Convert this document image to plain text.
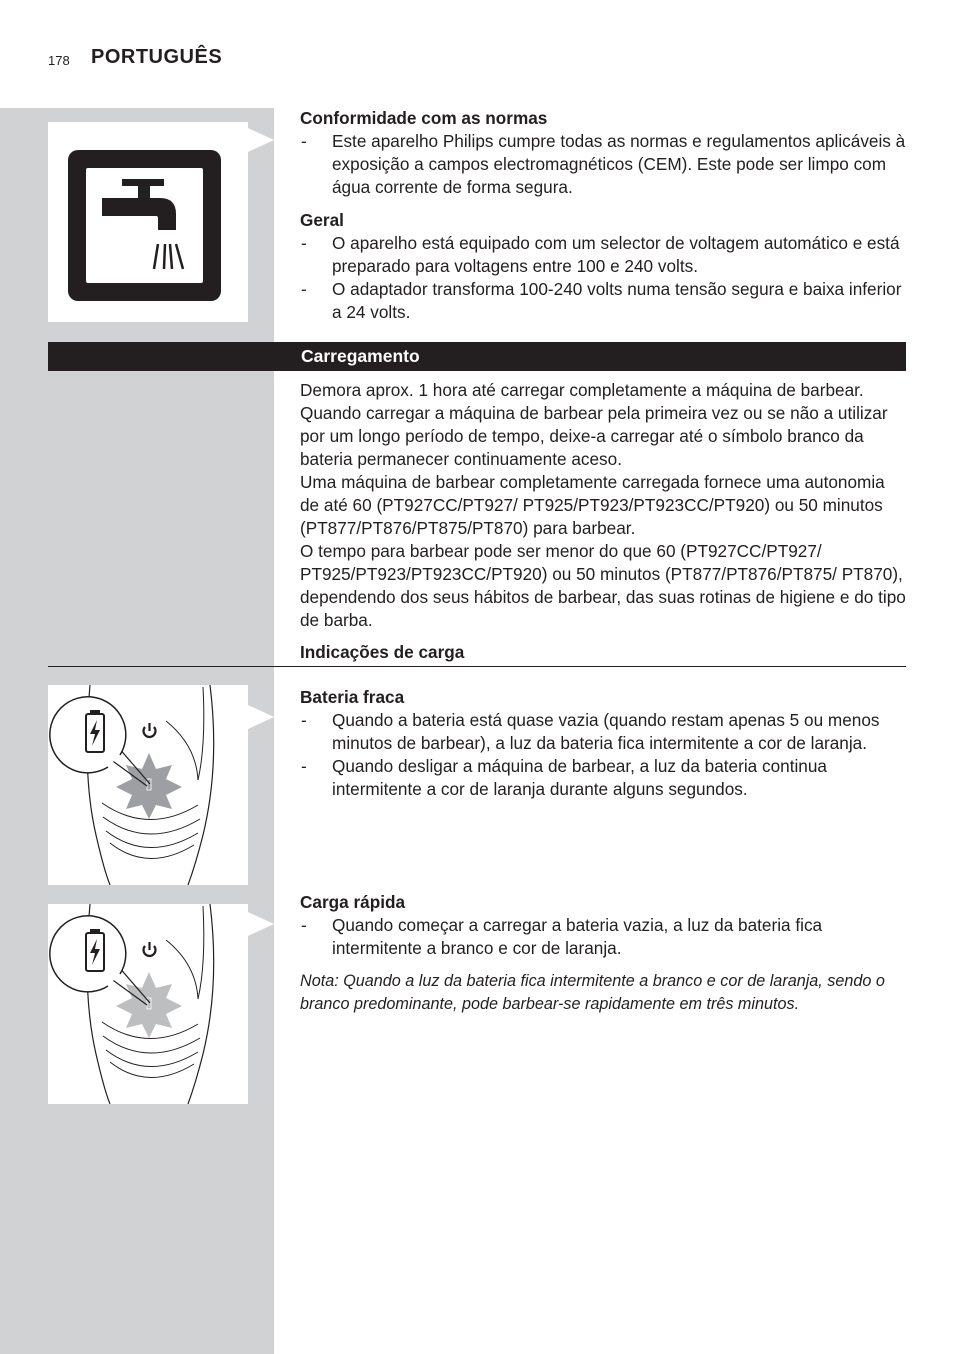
178 PORTUGUÊS

Conformidade com as normas

- Este aparelho Philips cumpre todas as normas e regulamentos aplicáveis à exposição a campos electromagnéticos (CEM). Este pode ser limpo com água corrente de forma segura.

Geral

- O aparelho está equipado com um selector de voltagem automático e está preparado para voltagens entre 100 e 240 volts.
- O adaptador transforma 100-240 volts numa tensão segura e baixa inferior a 24 volts.
Carregamento

Demora aprox. 1 hora até carregar completamente a máquina de barbear. Quando carregar a máquina de barbear pela primeira vez ou se não a utilizar por um longo período de tempo, deixe-a carregar até o símbolo branco da bateria permanecer continuamente aceso.

Uma máquina de barbear completamente carregada fornece uma autonomia de até 60 (PT927CC/PT927/ PT925/PT923/PT923CC/PT920) ou 50 minutos (PT877/PT876/PT875/PT870) para barbear.

O tempo para barbear pode ser menor do que 60 (PT927CC/PT927/ PT925/PT923/PT923CC/PT920) ou 50 minutos (PT877/PT876/PT875/ PT870), dependendo dos seus hábitos de barbear, das suas rotinas de higiene e do tipo de barba.

Indicações de carga

Bateria fraca

- Quando a bateria está quase vazia (quando restam apenas 5 ou menos minutos de barbear), a luz da bateria fica intermitente a cor de laranja.
- Quando desligar a máquina de barbear, a luz da bateria continua intermitente a cor de laranja durante alguns segundos.

Carga rápida

- Quando começar a carregar a bateria vazia, a luz da bateria fica intermitente a branco e cor de laranja.

Nota: Quando a luz da bateria fica intermitente a branco e cor de laranja, sendo o branco predominante, pode barbear-se rapidamente em três minutos.
